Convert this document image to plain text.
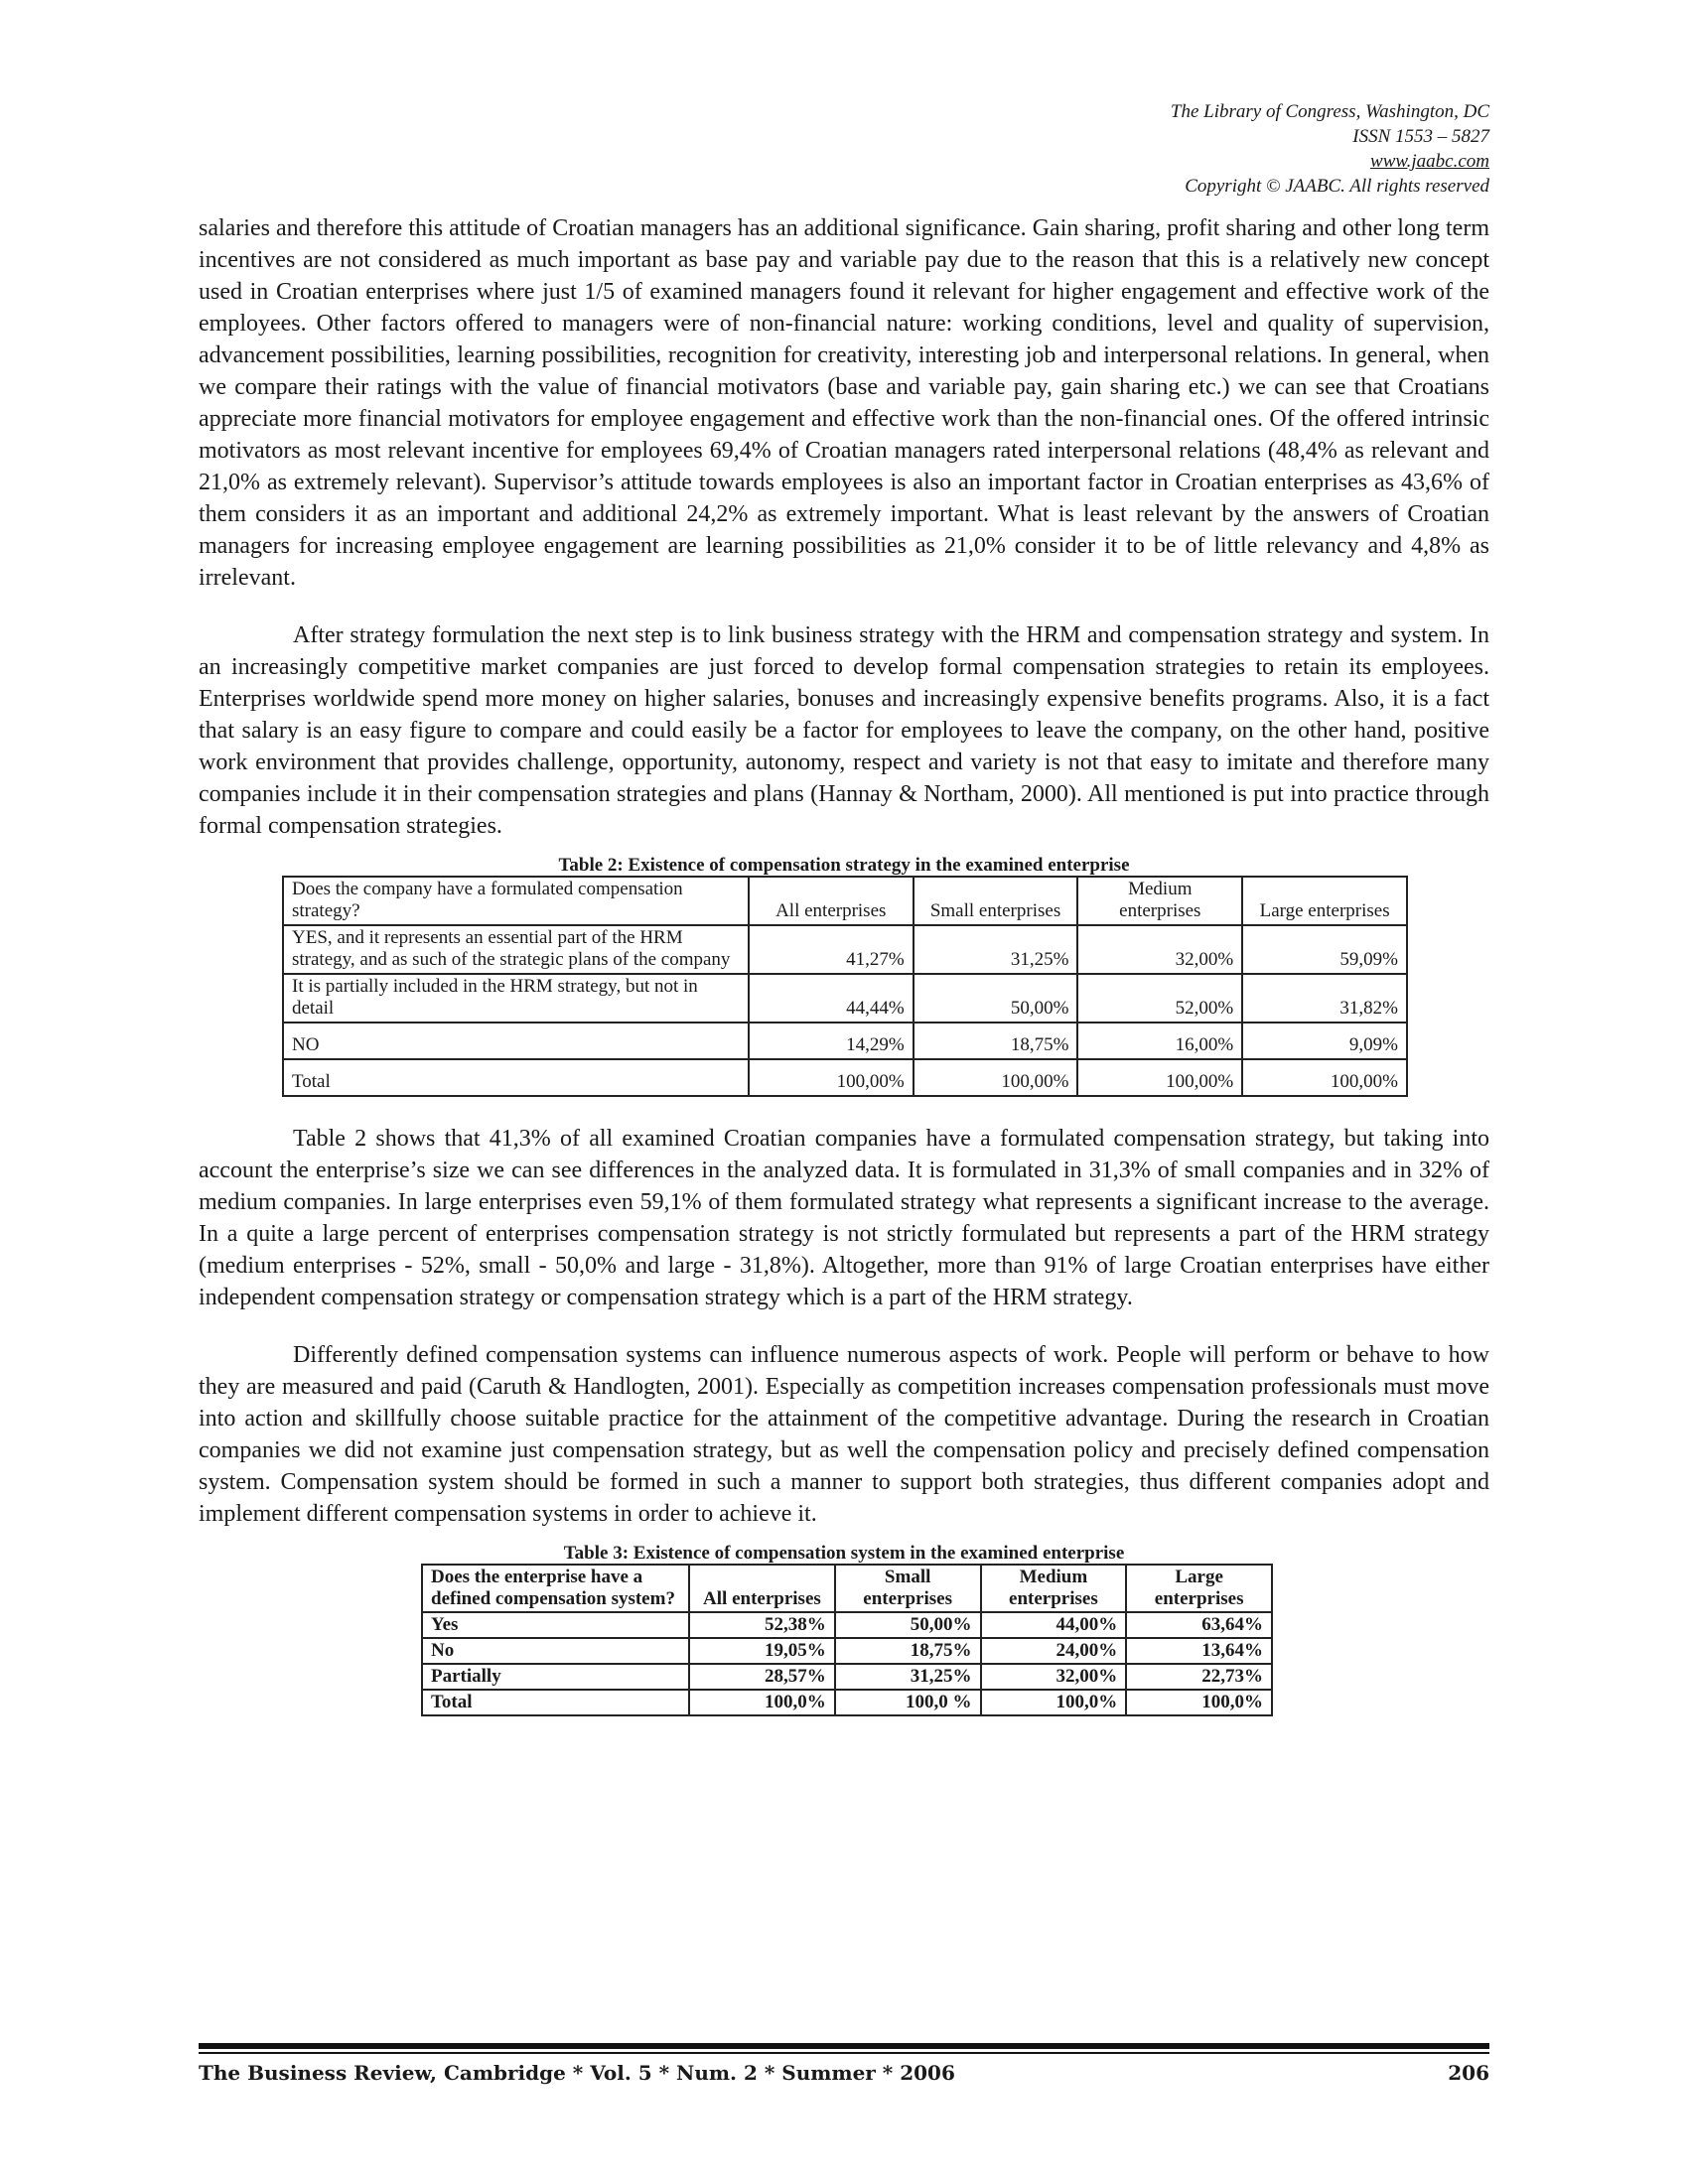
The Library of Congress, Washington, DC
ISSN 1553 – 5827
www.jaabc.com
Copyright © JAABC. All rights reserved

salaries and therefore this attitude of Croatian managers has an additional significance. Gain sharing, profit sharing and other long term incentives are not considered as much important as base pay and variable pay due to the reason that this is a relatively new concept used in Croatian enterprises where just 1/5 of examined managers found it relevant for higher engagement and effective work of the employees. Other factors offered to managers were of non-financial nature: working conditions, level and quality of supervision, advancement possibilities, learning possibilities, recognition for creativity, interesting job and interpersonal relations. In general, when we compare their ratings with the value of financial motivators (base and variable pay, gain sharing etc.) we can see that Croatians appreciate more financial motivators for employee engagement and effective work than the non-financial ones. Of the offered intrinsic motivators as most relevant incentive for employees 69,4% of Croatian managers rated interpersonal relations (48,4% as relevant and 21,0% as extremely relevant). Supervisor’s attitude towards employees is also an important factor in Croatian enterprises as 43,6% of them considers it as an important and additional 24,2% as extremely important. What is least relevant by the answers of Croatian managers for increasing employee engagement are learning possibilities as 21,0% consider it to be of little relevancy and 4,8% as irrelevant.

After strategy formulation the next step is to link business strategy with the HRM and compensation strategy and system. In an increasingly competitive market companies are just forced to develop formal compensation strategies to retain its employees. Enterprises worldwide spend more money on higher salaries, bonuses and increasingly expensive benefits programs. Also, it is a fact that salary is an easy figure to compare and could easily be a factor for employees to leave the company, on the other hand, positive work environment that provides challenge, opportunity, autonomy, respect and variety is not that easy to imitate and therefore many companies include it in their compensation strategies and plans (Hannay & Northam, 2000). All mentioned is put into practice through formal compensation strategies.

Table 2: Existence of compensation strategy in the examined enterprise
Does the company have a formulated compensation strategy?	All enterprises	Small enterprises	Medium enterprises	Large enterprises
YES, and it represents an essential part of the HRM strategy, and as such of the strategic plans of the company	41,27%	31,25%	32,00%	59,09%
It is partially included in the HRM strategy, but not in detail	44,44%	50,00%	52,00%	31,82%
NO	14,29%	18,75%	16,00%	9,09%
Total	100,00%	100,00%	100,00%	100,00%

Table 2 shows that 41,3% of all examined Croatian companies have a formulated compensation strategy, but taking into account the enterprise’s size we can see differences in the analyzed data. It is formulated in 31,3% of small companies and in 32% of medium companies. In large enterprises even 59,1% of them formulated strategy what represents a significant increase to the average. In a quite a large percent of enterprises compensation strategy is not strictly formulated but represents a part of the HRM strategy (medium enterprises - 52%, small - 50,0% and large - 31,8%). Altogether, more than 91% of large Croatian enterprises have either independent compensation strategy or compensation strategy which is a part of the HRM strategy.

Differently defined compensation systems can influence numerous aspects of work. People will perform or behave to how they are measured and paid (Caruth & Handlogten, 2001). Especially as competition increases compensation professionals must move into action and skillfully choose suitable practice for the attainment of the competitive advantage. During the research in Croatian companies we did not examine just compensation strategy, but as well the compensation policy and precisely defined compensation system. Compensation system should be formed in such a manner to support both strategies, thus different companies adopt and implement different compensation systems in order to achieve it.

Table 3: Existence of compensation system in the examined enterprise
Does the enterprise have a defined compensation system?	All enterprises	Small enterprises	Medium enterprises	Large enterprises
Yes	52,38%	50,00%	44,00%	63,64%
No	19,05%	18,75%	24,00%	13,64%
Partially	28,57%	31,25%	32,00%	22,73%
Total	100,0%	100,0 %	100,0%	100,0%
The Business Review, Cambridge * Vol. 5 * Num. 2 * Summer * 2006	206
